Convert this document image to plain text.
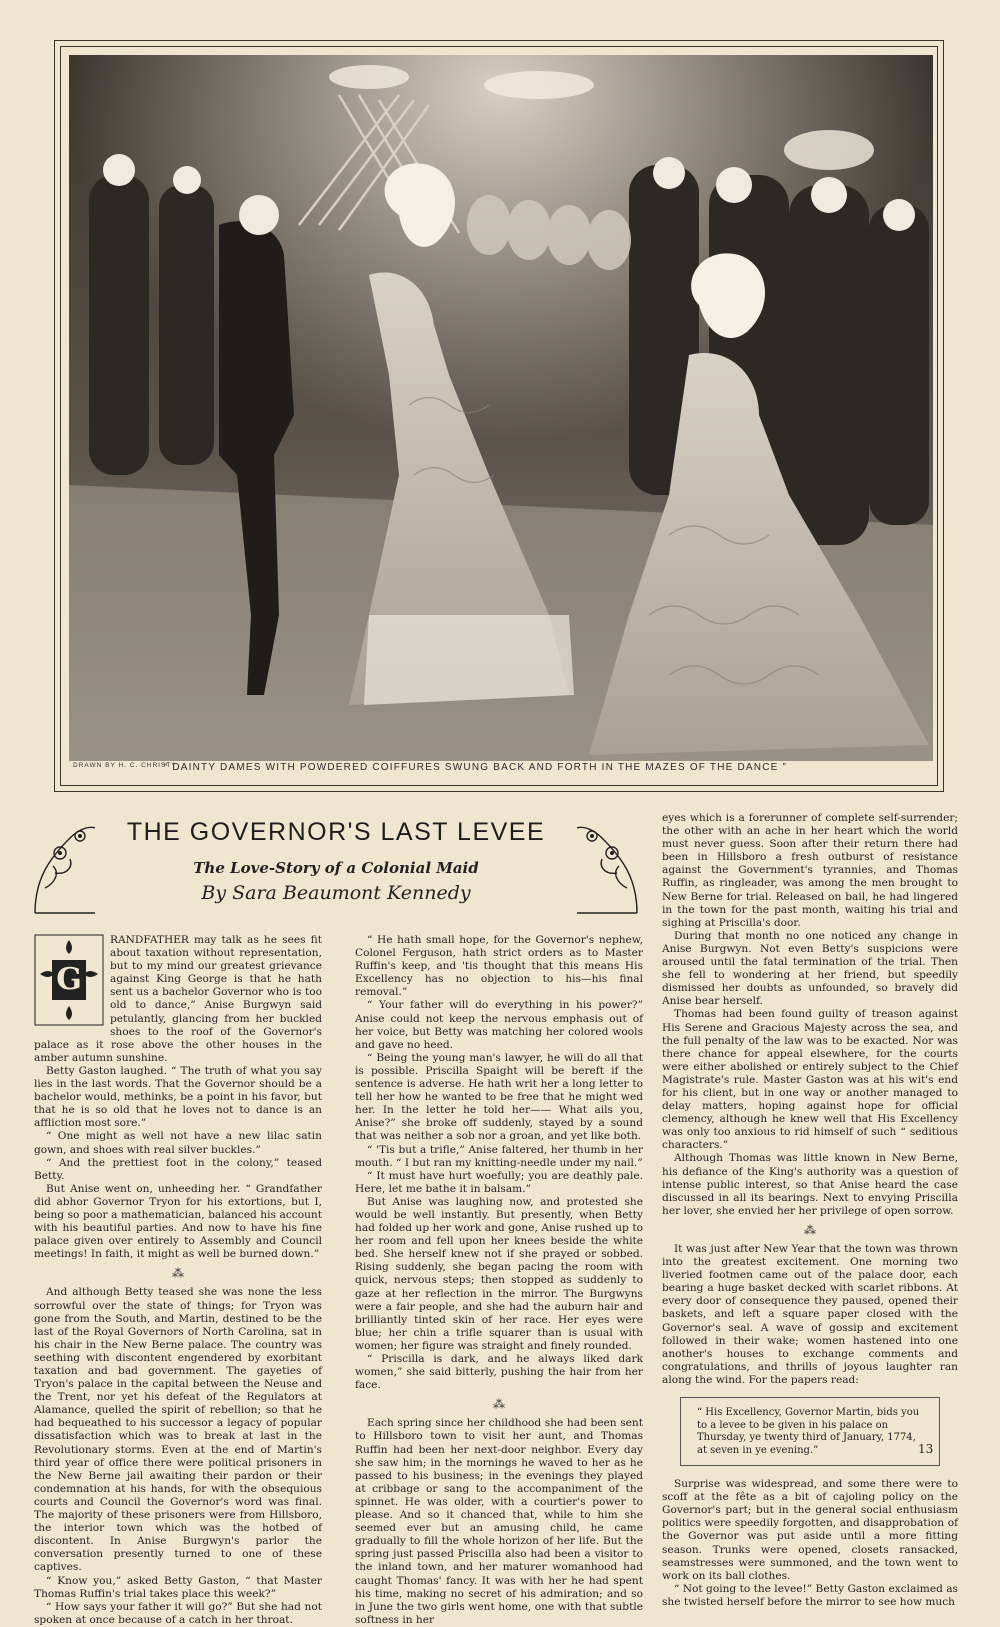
DRAWN BY H. C. CHRISTY
“ DAINTY DAMES WITH POWDERED COIFFURES SWUNG BACK AND FORTH IN THE MAZES OF THE DANCE ”
THE GOVERNOR'S LAST LEVEE
The Love-Story of a Colonial Maid
By Sara Beaumont Kennedy
G

RANDFATHER may talk as he sees fit about taxation without representation, but to my mind our greatest grievance against King George is that he hath sent us a bachelor Governor who is too old to dance,” Anise Burgwyn said petulantly, glancing from her buckled shoes to the roof of the Governor's palace as it rose above the other houses in the amber autumn sunshine.

Betty Gaston laughed. “ The truth of what you say lies in the last words. That the Governor should be a bachelor would, methinks, be a point in his favor, but that he is so old that he loves not to dance is an affliction most sore.”

“ One might as well not have a new lilac satin gown, and shoes with real silver buckles.”

“ And the prettiest foot in the colony,” teased Betty.

But Anise went on, unheeding her. “ Grandfather did abhor Governor Tryon for his extortions, but I, being so poor a mathematician, balanced his account with his beautiful parties. And now to have his fine palace given over entirely to Assembly and Council meetings! In faith, it might as well be burned down.”

⁂

And although Betty teased she was none the less sorrowful over the state of things; for Tryon was gone from the South, and Martin, destined to be the last of the Royal Governors of North Carolina, sat in his chair in the New Berne palace. The country was seething with discontent engendered by exorbitant taxation and bad government. The gayeties of Tryon's palace in the capital between the Neuse and the Trent, nor yet his defeat of the Regulators at Alamance, quelled the spirit of rebellion; so that he had bequeathed to his successor a legacy of popular dissatisfaction which was to break at last in the Revolutionary storms. Even at the end of Martin's third year of office there were political prisoners in the New Berne jail awaiting their pardon or their condemnation at his hands, for with the obsequious courts and Council the Governor's word was final. The majority of these prisoners were from Hillsboro, the interior town which was the hotbed of discontent. In Anise Burgwyn's parlor the conversation presently turned to one of these captives.

“ Know you,” asked Betty Gaston, “ that Master Thomas Ruffin's trial takes place this week?”

“ How says your father it will go?” But she had not spoken at once because of a catch in her throat.

“ He hath small hope, for the Governor's nephew, Colonel Ferguson, hath strict orders as to Master Ruffin's keep, and 'tis thought that this means His Excellency has no objection to his—his final removal.”

“ Your father will do everything in his power?” Anise could not keep the nervous emphasis out of her voice, but Betty was matching her colored wools and gave no heed.

“ Being the young man's lawyer, he will do all that is possible. Priscilla Spaight will be bereft if the sentence is adverse. He hath writ her a long letter to tell her how he wanted to be free that he might wed her. In the letter he told her—— What ails you, Anise?” she broke off suddenly, stayed by a sound that was neither a sob nor a groan, and yet like both.

“ 'Tis but a trifle,” Anise faltered, her thumb in her mouth. “ I but ran my knitting-needle under my nail.”

“ It must have hurt woefully; you are deathly pale. Here, let me bathe it in balsam.”

But Anise was laughing now, and protested she would be well instantly. But presently, when Betty had folded up her work and gone, Anise rushed up to her room and fell upon her knees beside the white bed. She herself knew not if she prayed or sobbed. Rising suddenly, she began pacing the room with quick, nervous steps; then stopped as suddenly to gaze at her reflection in the mirror. The Burgwyns were a fair people, and she had the auburn hair and brilliantly tinted skin of her race. Her eyes were blue; her chin a trifle squarer than is usual with women; her figure was straight and finely rounded.

“ Priscilla is dark, and he always liked dark women,” she said bitterly, pushing the hair from her face.

⁂

Each spring since her childhood she had been sent to Hillsboro town to visit her aunt, and Thomas Ruffin had been her next-door neighbor. Every day she saw him; in the mornings he waved to her as he passed to his business; in the evenings they played at cribbage or sang to the accompaniment of the spinnet. He was older, with a courtier's power to please. And so it chanced that, while to him she seemed ever but an amusing child, he came gradually to fill the whole horizon of her life. But the spring just passed Priscilla also had been a visitor to the inland town, and her maturer womanhood had caught Thomas' fancy. It was with her he had spent his time, making no secret of his admiration; and so in June the two girls went home, one with that subtle softness in her

eyes which is a forerunner of complete self-surrender; the other with an ache in her heart which the world must never guess. Soon after their return there had been in Hillsboro a fresh outburst of resistance against the Government's tyrannies, and Thomas Ruffin, as ringleader, was among the men brought to New Berne for trial. Released on bail, he had lingered in the town for the past month, waiting his trial and sighing at Priscilla's door.

During that month no one noticed any change in Anise Burgwyn. Not even Betty's suspicions were aroused until the fatal termination of the trial. Then she fell to wondering at her friend, but speedily dismissed her doubts as unfounded, so bravely did Anise bear herself.

Thomas had been found guilty of treason against His Serene and Gracious Majesty across the sea, and the full penalty of the law was to be exacted. Nor was there chance for appeal elsewhere, for the courts were either abolished or entirely subject to the Chief Magistrate's rule. Master Gaston was at his wit's end for his client, but in one way or another managed to delay matters, hoping against hope for official clemency, although he knew well that His Excellency was only too anxious to rid himself of such “ seditious characters.”

Although Thomas was little known in New Berne, his defiance of the King's authority was a question of intense public interest, so that Anise heard the case discussed in all its bearings. Next to envying Priscilla her lover, she envied her her privilege of open sorrow.

⁂

It was just after New Year that the town was thrown into the greatest excitement. One morning two liveried footmen came out of the palace door, each bearing a huge basket decked with scarlet ribbons. At every door of consequence they paused, opened their baskets, and left a square paper closed with the Governor's seal. A wave of gossip and excitement followed in their wake; women hastened into one another's houses to exchange comments and congratulations, and thrills of joyous laughter ran along the wind. For the papers read:

“ His Excellency, Governor Martin, bids you to a levee to be given in his palace on Thursday, ye twenty third of January, 1774, at seven in ye evening.”

Surprise was widespread, and some there were to scoff at the fête as a bit of cajoling policy on the Governor's part; but in the general social enthusiasm politics were speedily forgotten, and disapprobation of the Governor was put aside until a more fitting season. Trunks were opened, closets ransacked, seamstresses were summoned, and the town went to work on its ball clothes.

“ Not going to the levee!” Betty Gaston exclaimed as she twisted herself before the mirror to see how much

13
